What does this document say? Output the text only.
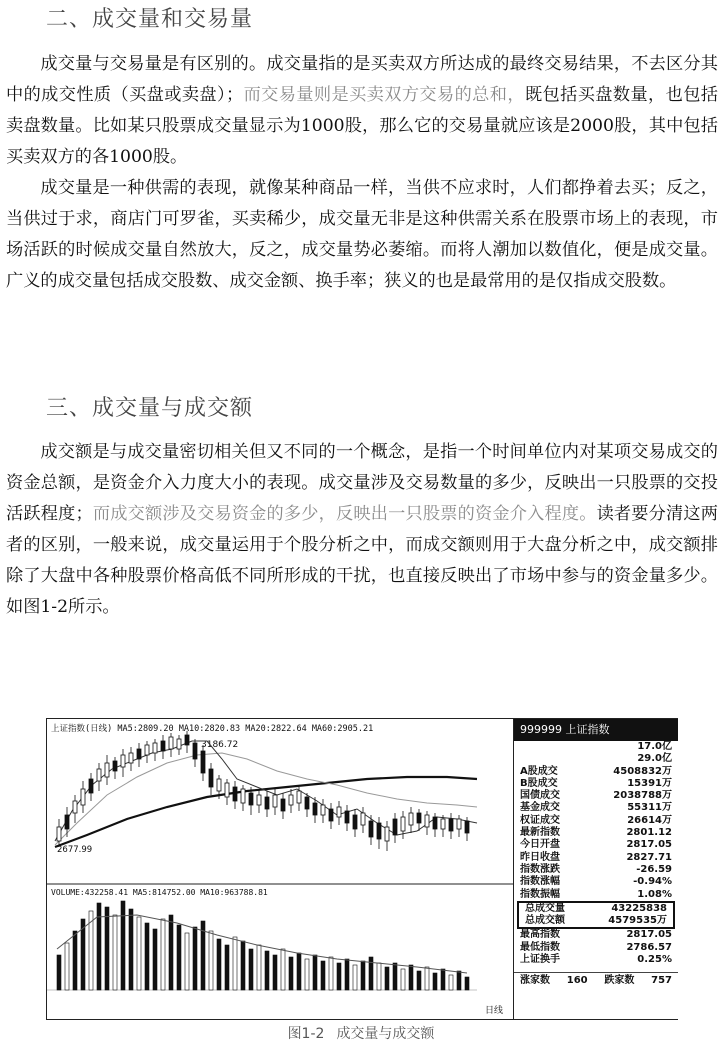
二、成交量和交易量

成交量与交易量是有区别的。成交量指的是买卖双方所达成的最终交易结果，不去区分其中的成交性质（买盘或卖盘）；而交易量则是买卖双方交易的总和，既包括买盘数量，也包括卖盘数量。比如某只股票成交量显示为1000股，那么它的交易量就应该是2000股，其中包括买卖双方的各1000股。

成交量是一种供需的表现，就像某种商品一样，当供不应求时，人们都挣着去买；反之，当供过于求，商店门可罗雀，买卖稀少，成交量无非是这种供需关系在股票市场上的表现，市场活跃的时候成交量自然放大，反之，成交量势必萎缩。而将人潮加以数值化，便是成交量。广义的成交量包括成交股数、成交金额、换手率；狭义的也是最常用的是仅指成交股数。

三、成交量与成交额

成交额是与成交量密切相关但又不同的一个概念，是指一个时间单位内对某项交易成交的资金总额，是资金介入力度大小的表现。成交量涉及交易数量的多少，反映出一只股票的交投活跃程度；而成交额涉及交易资金的多少，反映出一只股票的资金介入程度。读者要分清这两者的区别，一般来说，成交量运用于个股分析之中，而成交额则用于大盘分析之中，成交额排除了大盘中各种股票价格高低不同所形成的干扰，也直接反映出了市场中参与的资金量多少。如图1-2所示。

上证指数(日线) MA5:2809.20 MA10:2820.83 MA20:2822.64 MA60:2905.21
3186.72
2677.99
VOLUME:432258.41 MA5:814752.00 MA10:963788.81
日线
999999 上证指数
17.0亿
29.0亿
A股成交	4508832万
B股成交	15391万
国债成交	2038788万
基金成交	55311万
权证成交	26614万
最新指数	2801.12
今日开盘	2817.05
昨日收盘	2827.71
指数涨跌	-26.59
指数涨幅	-0.94%
指数振幅	1.08%
总成交量	43225838
总成交额	4579535万
最高指数	2817.05
最低指数	2786.57
上证换手	0.25%
涨家数 160 跌家数 757
图1-2 成交量与成交额
